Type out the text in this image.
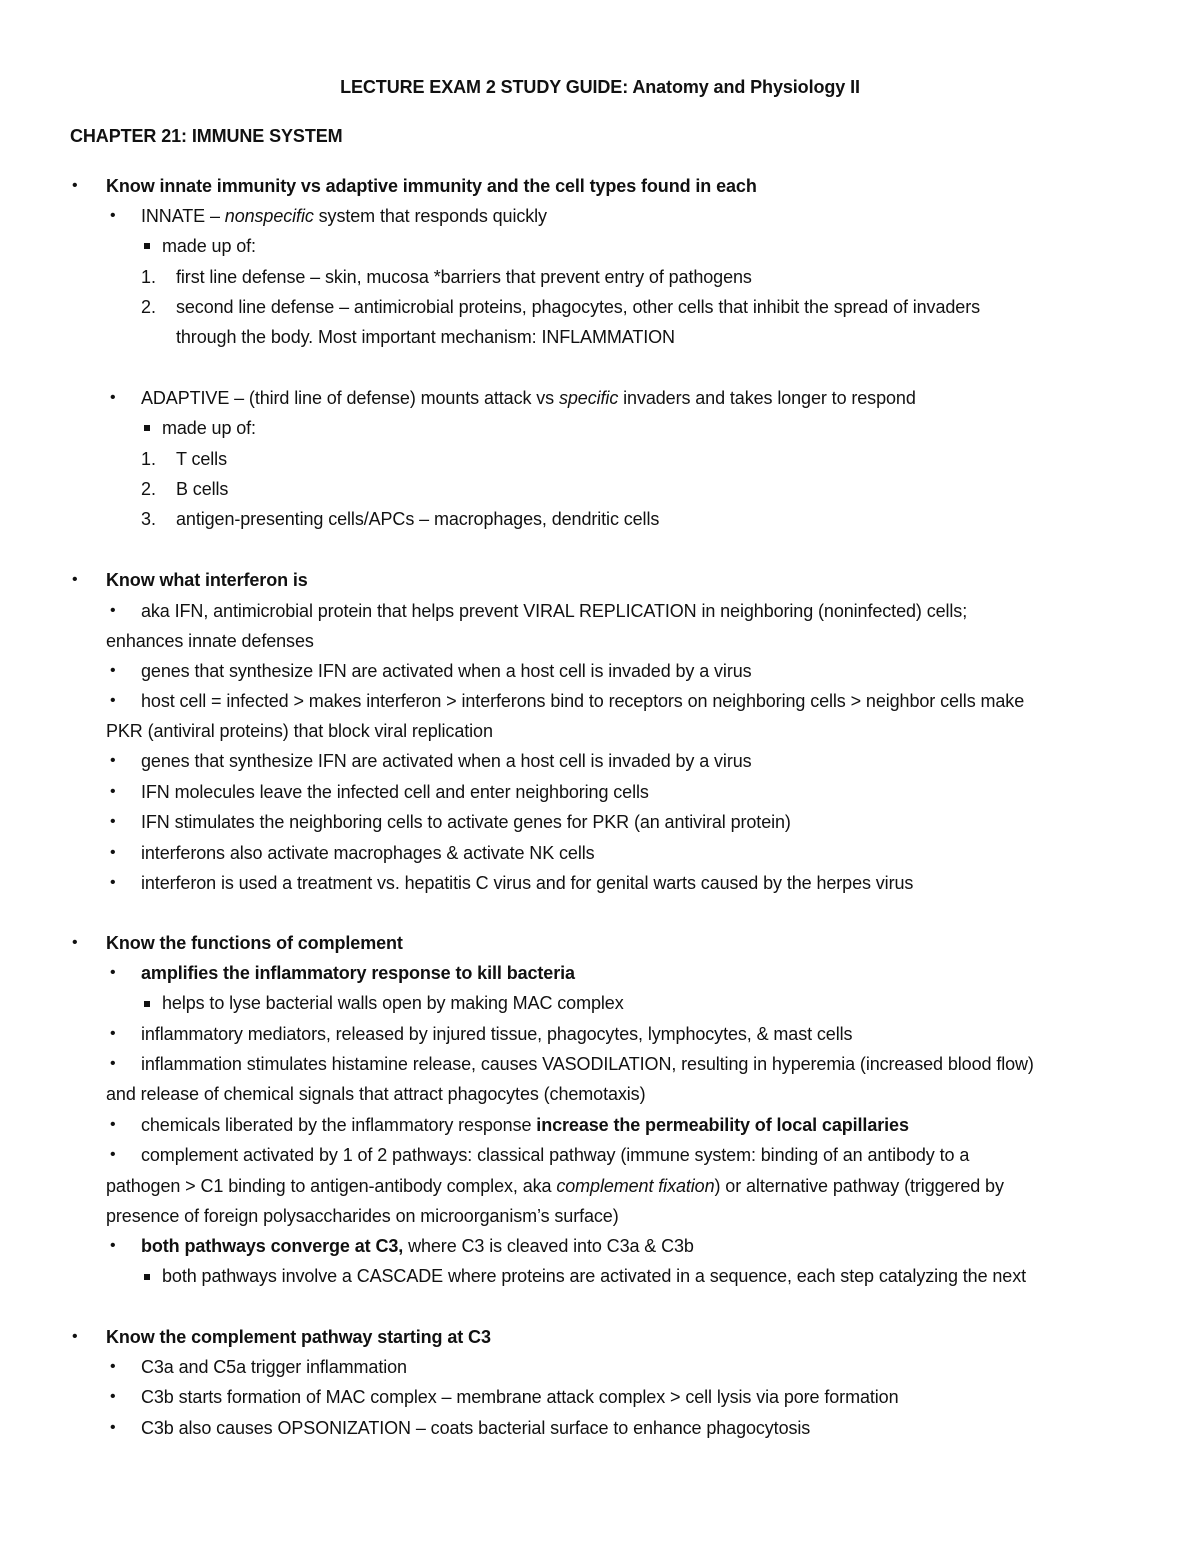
LECTURE EXAM 2 STUDY GUIDE: Anatomy and Physiology II
CHAPTER 21: IMMUNE SYSTEM
• Know innate immunity vs adaptive immunity and the cell types found in each
• INNATE – nonspecific system that responds quickly
made up of:
1. first line defense – skin, mucosa *barriers that prevent entry of pathogens
2. second line defense – antimicrobial proteins, phagocytes, other cells that inhibit the spread of invaders
through the body. Most important mechanism: INFLAMMATION
• ADAPTIVE – (third line of defense) mounts attack vs specific invaders and takes longer to respond
made up of:
1. T cells
2. B cells
3. antigen-presenting cells/APCs – macrophages, dendritic cells
• Know what interferon is
• aka IFN, antimicrobial protein that helps prevent VIRAL REPLICATION in neighboring (noninfected) cells;
enhances innate defenses
• genes that synthesize IFN are activated when a host cell is invaded by a virus
• host cell = infected > makes interferon > interferons bind to receptors on neighboring cells > neighbor cells make
PKR (antiviral proteins) that block viral replication
• genes that synthesize IFN are activated when a host cell is invaded by a virus
• IFN molecules leave the infected cell and enter neighboring cells
• IFN stimulates the neighboring cells to activate genes for PKR (an antiviral protein)
• interferons also activate macrophages & activate NK cells
• interferon is used a treatment vs. hepatitis C virus and for genital warts caused by the herpes virus
• Know the functions of complement
• amplifies the inflammatory response to kill bacteria
helps to lyse bacterial walls open by making MAC complex
• inflammatory mediators, released by injured tissue, phagocytes, lymphocytes, & mast cells
• inflammation stimulates histamine release, causes VASODILATION, resulting in hyperemia (increased blood flow)
and release of chemical signals that attract phagocytes (chemotaxis)
• chemicals liberated by the inflammatory response increase the permeability of local capillaries
• complement activated by 1 of 2 pathways: classical pathway (immune system: binding of an antibody to a
pathogen > C1 binding to antigen-antibody complex, aka complement fixation) or alternative pathway (triggered by
presence of foreign polysaccharides on microorganism’s surface)
• both pathways converge at C3, where C3 is cleaved into C3a & C3b
both pathways involve a CASCADE where proteins are activated in a sequence, each step catalyzing the next
• Know the complement pathway starting at C3
• C3a and C5a trigger inflammation
• C3b starts formation of MAC complex – membrane attack complex > cell lysis via pore formation
• C3b also causes OPSONIZATION – coats bacterial surface to enhance phagocytosis
